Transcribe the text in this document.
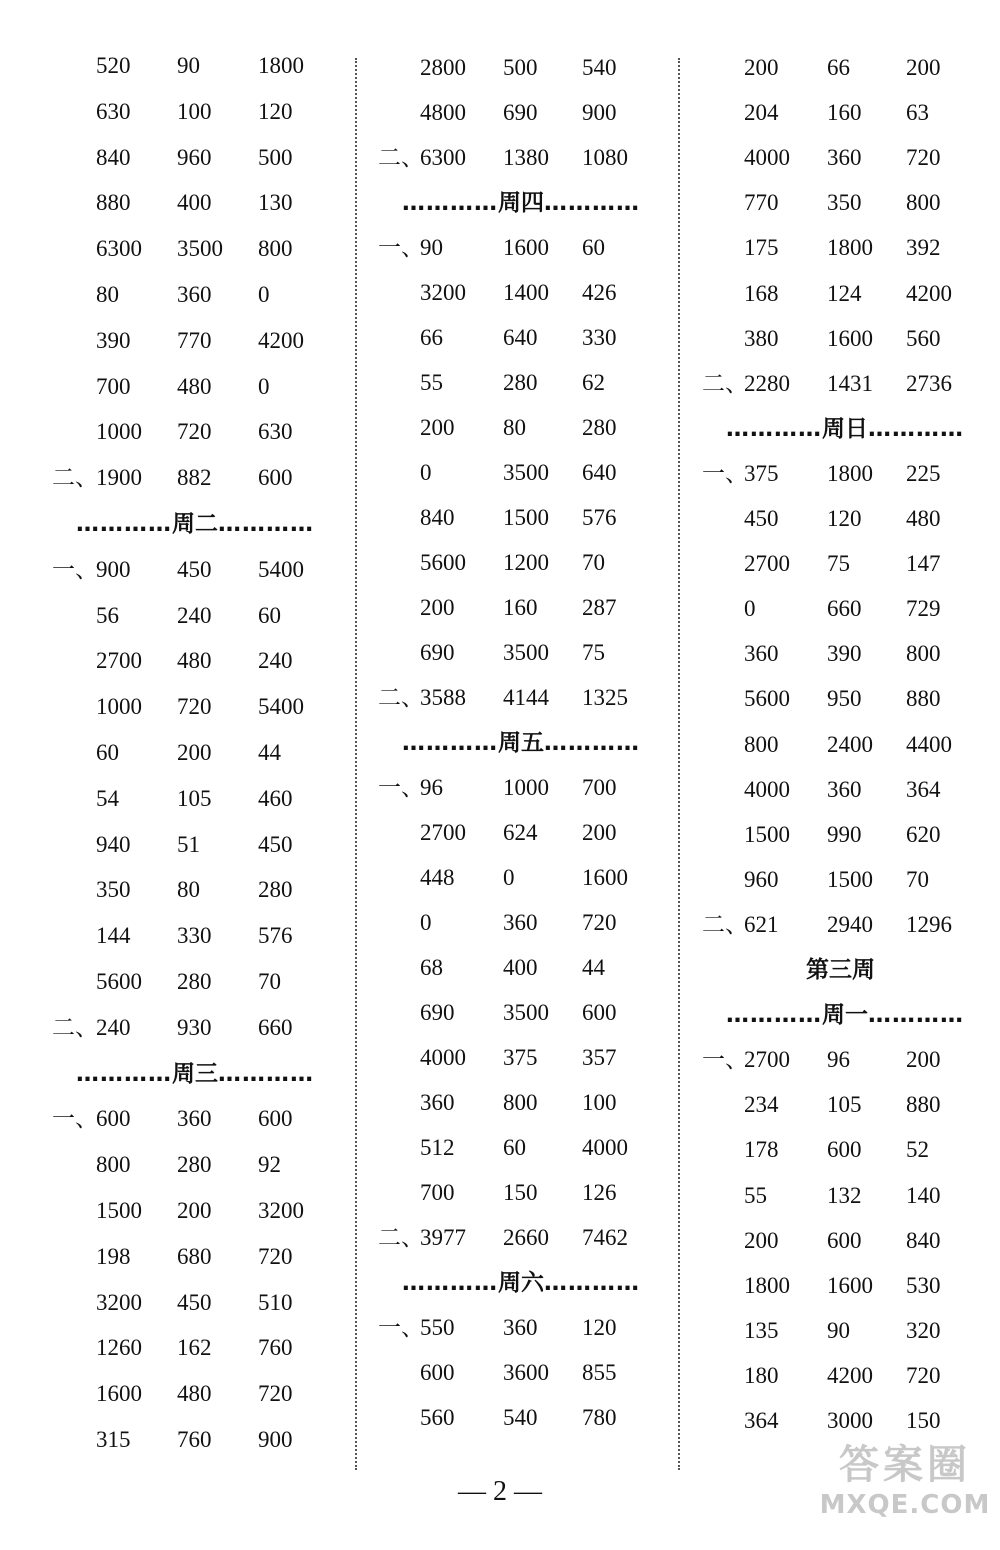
520 90	1800
630 100 120
840 960 500
880 400 130
6300 3500 800
80	360 0
390 770 4200
700 480 0
1000 720 630
二、
1900 882 600
…………周二…………
一、
900 450 5400
56	240 60
2700 480 240
1000 720 5400
60	200 44
54	105 460
940 51	450
350 80	280
144 330 576
5600 280 70
二、
240 930 660
…………周三…………
一、
600 360 600
800 280 92
1500 200 3200
198 680 720
3200 450 510
1260 162 760
1600 480 720
315 760 900
2800 500 540
4800 690 900
二、
6300 1380 1080
…………周四…………
一、
90	1600 60
3200 1400 426
66	640 330
55	280 62
200 80 280
0	3500 640
840 1500 576
5600 1200 70
200 160 287
690 3500 75
二、
3588 4144 1325
…………周五…………
一、
96	1000 700
2700 624 200
448 0	1600
0	360 720
68	400 44
690 3500 600
4000 375 357
360 800 100
512 60 4000
700 150 126
二、
3977 2660 7462
…………周六…………
一、
550 360 120
600 3600 855
560 540 780
200 66 200
204 160 63
4000 360 720
770 350 800
175 1800 392
168 124 4200
380 1600 560
二、
2280 1431 2736
…………周日…………
一、
375 1800 225
450 120 480
2700 75 147
0	660 729
360 390 800
5600 950 880
800 2400 4400
4000 360 364
1500 990 620
960 1500 70
二、
621 2940 1296
第三周
…………周一…………
一、
2700 96 200
234 105 880
178 600 52
55	132 140
200 600 840
1800 1600 530
135 90 320
180 4200 720
364 3000 150
— 2 —
答案圈
MXQE.COM
